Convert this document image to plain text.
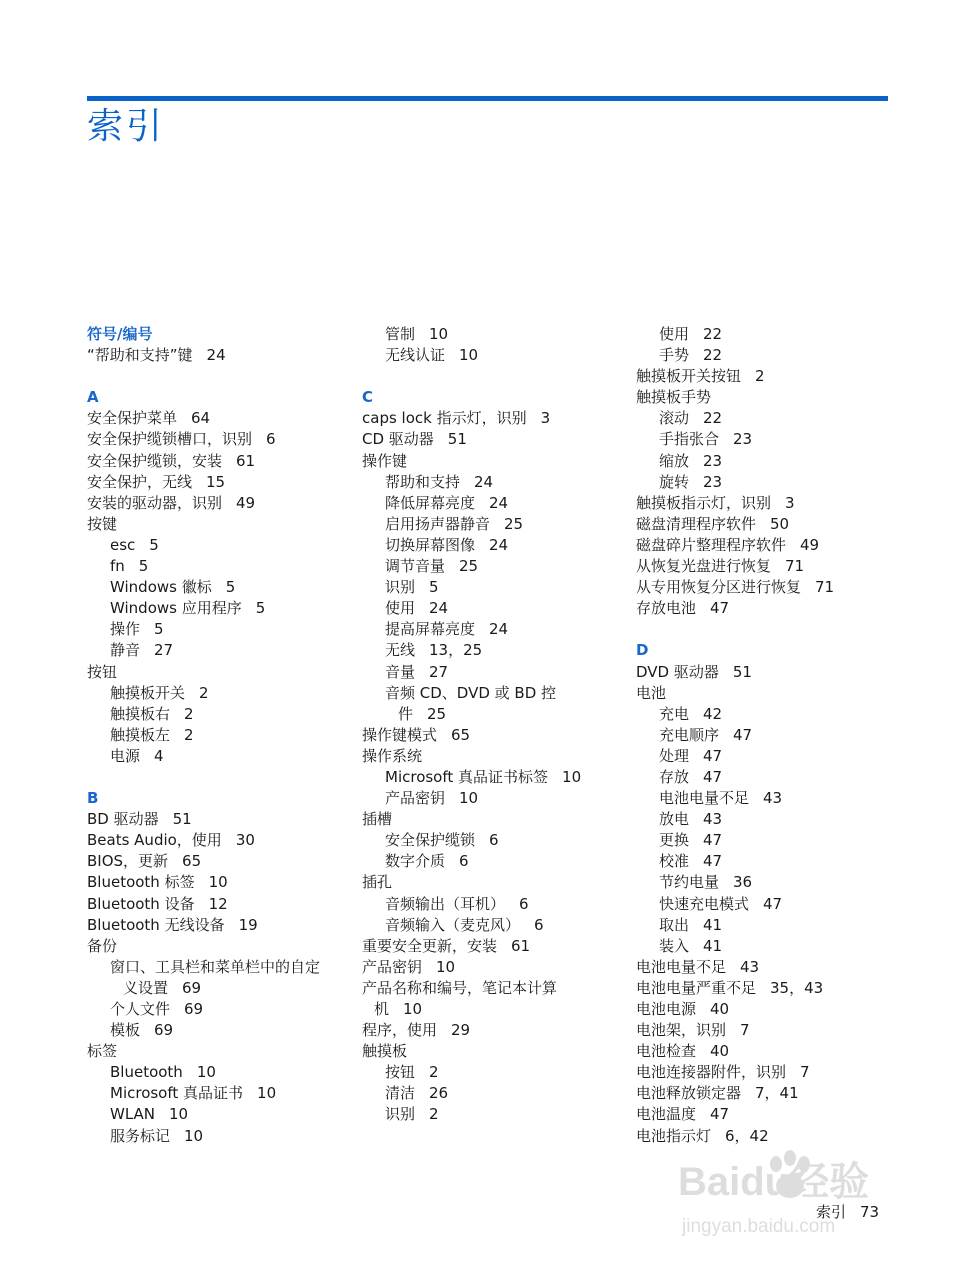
索引
符号/编号
“帮助和支持”键 24
A
安全保护菜单 64
安全保护缆锁槽口，识别 6
安全保护缆锁，安装 61
安全保护，无线 15
安装的驱动器，识别 49
按键
esc 5
fn 5
Windows 徽标 5
Windows 应用程序 5
操作 5
静音 27
按钮
触摸板开关 2
触摸板右 2
触摸板左 2
电源 4
B
BD 驱动器 51
Beats Audio，使用 30
BIOS，更新 65
Bluetooth 标签 10
Bluetooth 设备 12
Bluetooth 无线设备 19
备份
窗口、工具栏和菜单栏中的自定
义设置 69
个人文件 69
模板 69
标签
Bluetooth 10
Microsoft 真品证书 10
WLAN 10
服务标记 10
管制 10
无线认证 10
C
caps lock 指示灯，识别 3
CD 驱动器 51
操作键
帮助和支持 24
降低屏幕亮度 24
启用扬声器静音 25
切换屏幕图像 24
调节音量 25
识别 5
使用 24
提高屏幕亮度 24
无线 13，25
音量 27
音频 CD、DVD 或 BD 控
件 25
操作键模式 65
操作系统
Microsoft 真品证书标签 10
产品密钥 10
插槽
安全保护缆锁 6
数字介质 6
插孔
音频输出（耳机） 6
音频输入（麦克风） 6
重要安全更新，安装 61
产品密钥 10
产品名称和编号，笔记本计算
机 10
程序，使用 29
触摸板
按钮 2
清洁 26
识别 2
使用 22
手势 22
触摸板开关按钮 2
触摸板手势
滚动 22
手指张合 23
缩放 23
旋转 23
触摸板指示灯，识别 3
磁盘清理程序软件 50
磁盘碎片整理程序软件 49
从恢复光盘进行恢复 71
从专用恢复分区进行恢复 71
存放电池 47
D
DVD 驱动器 51
电池
充电 42
充电顺序 47
处理 47
存放 47
电池电量不足 43
放电 43
更换 47
校准 47
节约电量 36
快速充电模式 47
取出 41
装入 41
电池电量不足 43
电池电量严重不足 35，43
电池电源 40
电池架，识别 7
电池检查 40
电池连接器附件，识别 7
电池释放锁定器 7，41
电池温度 47
电池指示灯 6，42
Baidu经验
jingyan.baidu.com
索引 73
